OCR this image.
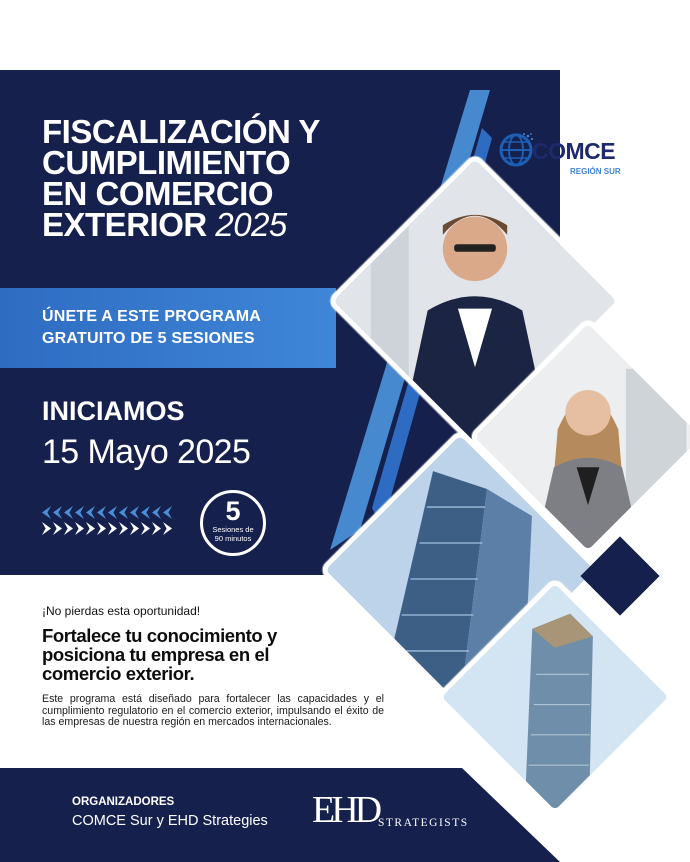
FISCALIZACIÓN Y
CUMPLIMIENTO
EN COMERCIO
EXTERIOR 2025
ÚNETE A ESTE PROGRAMA
GRATUITO DE 5 SESIONES
INICIAMOS
15 Mayo 2025
5
Sesiones de
90 minutos
COMCE
REGIÓN SUR
¡No pierdas esta oportunidad!
Fortalece tu conocimiento y
posiciona tu empresa en el
comercio exterior.

Este programa está diseñado para fortalecer las capacidades y el cumplimiento regulatorio en el comercio exterior, impulsando el éxito de las empresas de nuestra región en mercados internacionales.

ORGANIZADORES
COMCE Sur y EHD Strategies EHD STRATEGISTS
